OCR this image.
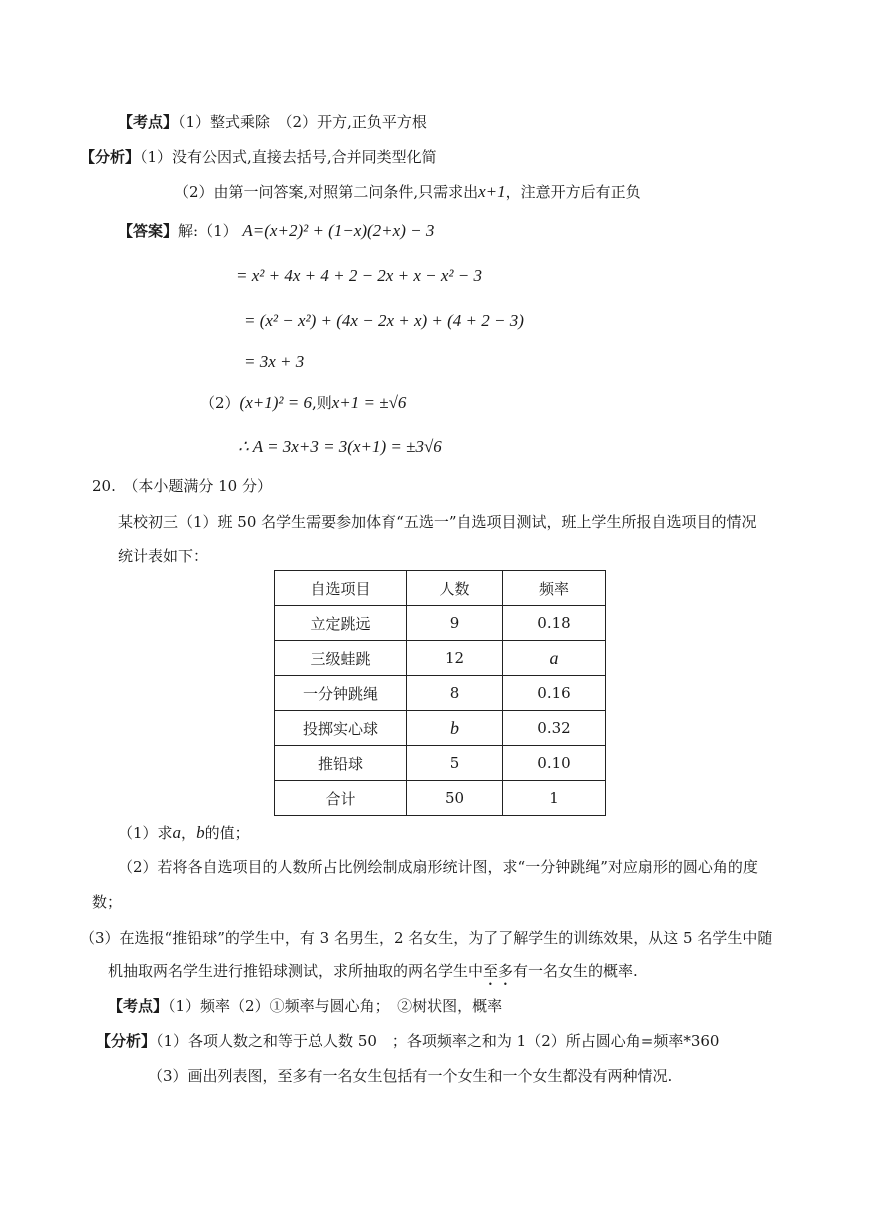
【考点】（1）整式乘除　（2）开方,正负平方根
【分析】（1）没有公因式,直接去括号,合并同类型化简
（2）由第一问答案,对照第二问条件,只需求出x+1，注意开方后有正负
【答案】解:（1） A=(x+2)² + (1−x)(2+x) − 3
= x² + 4x + 4 + 2 − 2x + x − x² − 3
= (x² − x²) + (4x − 2x + x) + (4 + 2 − 3)
= 3x + 3
（2）(x+1)² = 6,则x+1 = ±√6
∴ A = 3x+3 = 3(x+1) = ±3√6
20.　（本小题满分 10 分）
某校初三（1）班 50 名学生需要参加体育“五选一”自选项目测试，班上学生所报自选项目的情况
统计表如下：
自选项目	人数	频率
立定跳远	9	0.18
三级蛙跳	12	a
一分钟跳绳	8	0.16
投掷实心球	b	0.32
推铅球	5	0.10
合计	50	1
（1）求a，b的值；
（2）若将各自选项目的人数所占比例绘制成扇形统计图，求“一分钟跳绳”对应扇形的圆心角的度
数；
（3）在选报“推铅球”的学生中，有 3 名男生，2 名女生，为了了解学生的训练效果，从这 5 名学生中随
机抽取两名学生进行推铅球测试，求所抽取的两名学生中至多有一名女生的概率.
【考点】（1）频率（2）①频率与圆心角；　②树状图，概率
【分析】（1）各项人数之和等于总人数 50　；各项频率之和为 1（2）所占圆心角=频率*360
（3）画出列表图，至多有一名女生包括有一个女生和一个女生都没有两种情况.
